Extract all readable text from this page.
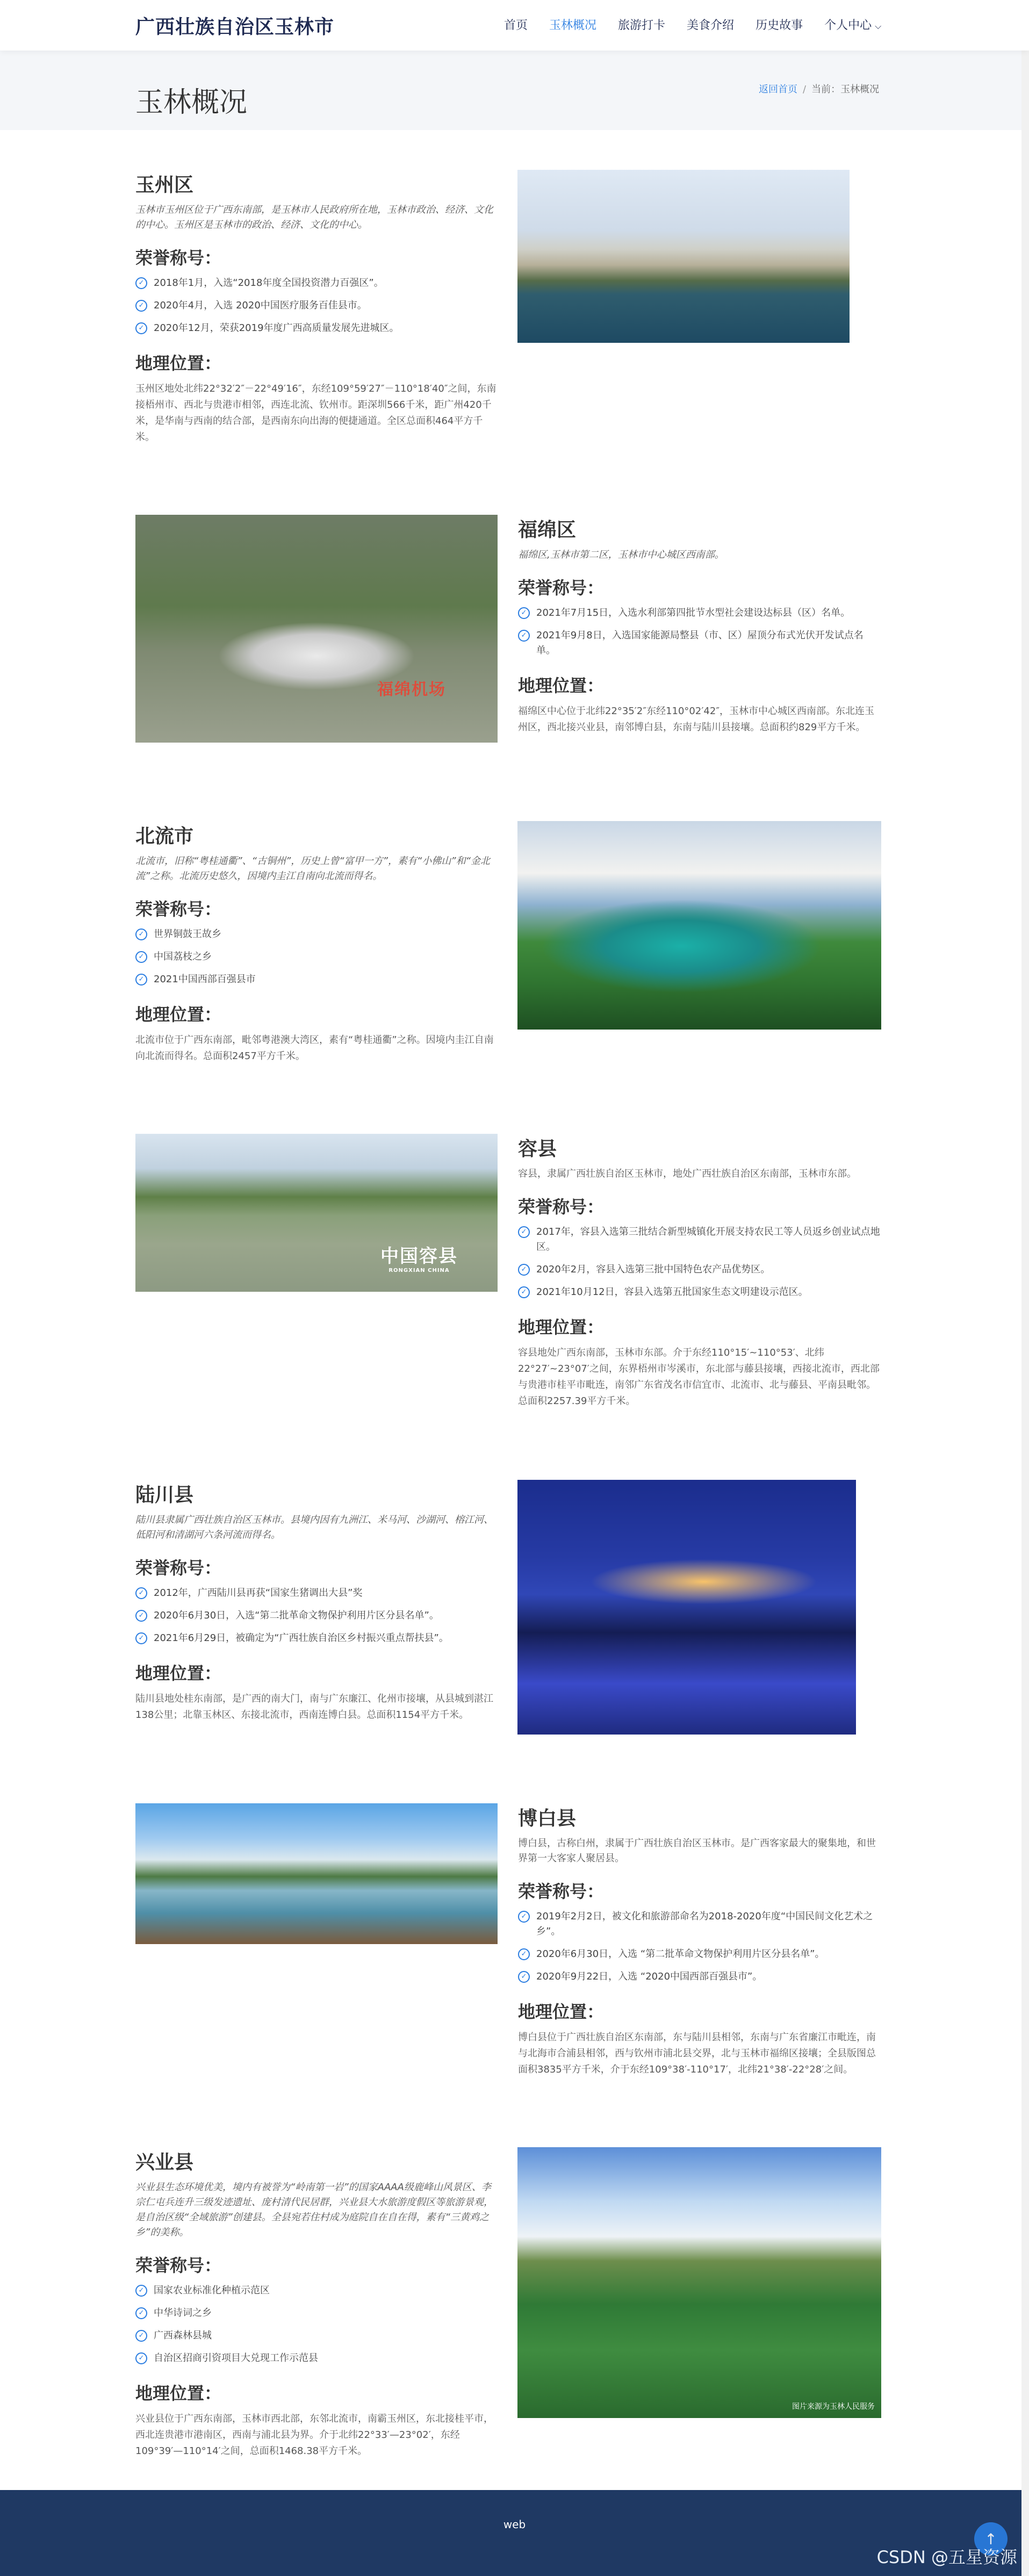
广西壮族自治区玉林市	首页 玉林概况 旅游打卡 美食介绍 历史故事 个人中心 ⌵
玉林概况	返回首页 / 当前：玉林概况
玉州区

玉林市玉州区位于广西东南部，是玉林市人民政府所在地，玉林市政治、经济、文化的中心。玉州区是玉林市的政治、经济、文化的中心。

荣誉称号：
✓ 2018年1月，入选“2018年度全国投资潜力百强区”。
✓ 2020年4月，入选 2020中国医疗服务百佳县市。
✓ 2020年12月，荣获2019年度广西高质量发展先进城区。
地理位置：

玉州区地处北纬22°32′2″－22°49′16″，东经109°59′27″－110°18′40″之间，东南接梧州市、西北与贵港市相邻，西连北流、钦州市。距深圳566千米，距广州420千米，是华南与西南的结合部，是西南东向出海的便捷通道。全区总面积464平方千米。

福绵机场
福绵区

福绵区,玉林市第二区，玉林市中心城区西南部。

荣誉称号：
✓ 2021年7月15日，入选水利部第四批节水型社会建设达标县（区）名单。
✓ 2021年9月8日，入选国家能源局整县（市、区）屋顶分布式光伏开发试点名单。
地理位置：

福绵区中心位于北纬22°35′2″东经110°02′42″，玉林市中心城区西南部。东北连玉州区，西北接兴业县，南邻博白县，东南与陆川县接壤。总面积约829平方千米。

北流市

北流市，旧称“粤桂通衢”、“古铜州”，历史上曾“富甲一方”，素有“小佛山”和“金北流”之称。北流历史悠久，因境内圭江自南向北流而得名。

荣誉称号：
✓ 世界铜鼓王故乡
✓ 中国荔枝之乡
✓ 2021中国西部百强县市
地理位置：

北流市位于广西东南部，毗邻粤港澳大湾区，素有“粤桂通衢”之称。因境内圭江自南向北流而得名。总面积2457平方千米。

中国容县
RONGXIAN CHINA
容县

容县，隶属广西壮族自治区玉林市，地处广西壮族自治区东南部，玉林市东部。

荣誉称号：
✓ 2017年，容县入选第三批结合新型城镇化开展支持农民工等人员返乡创业试点地区。
✓ 2020年2月，容县入选第三批中国特色农产品优势区。
✓ 2021年10月12日，容县入选第五批国家生态文明建设示范区。
地理位置：

容县地处广西东南部，玉林市东部。介于东经110°15′~110°53′、北纬22°27′~23°07′之间，东界梧州市岑溪市，东北部与藤县接壤，西接北流市，西北部与贵港市桂平市毗连，南邻广东省茂名市信宜市、北流市、北与藤县、平南县毗邻。总面积2257.39平方千米。

陆川县

陆川县隶属广西壮族自治区玉林市。县境内因有九洲江、米马河、沙湖河、榕江河、低阳河和清湖河六条河流而得名。

荣誉称号：
✓ 2012年，广西陆川县再获“国家生猪调出大县”奖
✓ 2020年6月30日，入选“第二批革命文物保护利用片区分县名单”。
✓ 2021年6月29日，被确定为“广西壮族自治区乡村振兴重点帮扶县”。
地理位置：

陆川县地处桂东南部，是广西的南大门，南与广东廉江、化州市接壤，从县城到湛江138公里；北靠玉林区、东接北流市，西南连博白县。总面积1154平方千米。

博白县

博白县，古称白州，隶属于广西壮族自治区玉林市。是广西客家最大的聚集地，和世界第一大客家人聚居县。

荣誉称号：
✓ 2019年2月2日，被文化和旅游部命名为2018-2020年度“中国民间文化艺术之乡”。
✓ 2020年6月30日，入选 “第二批革命文物保护利用片区分县名单”。
✓ 2020年9月22日，入选 “2020中国西部百强县市”。
地理位置：

博白县位于广西壮族自治区东南部，东与陆川县相邻，东南与广东省廉江市毗连，南与北海市合浦县相邻，西与钦州市浦北县交界，北与玉林市福绵区接壤；全县版图总面积3835平方千米，介于东经109°38′-110°17′，北纬21°38′-22°28′之间。

兴业县

兴业县生态环境优美，境内有被誉为“岭南第一岩”的国家AAAA级鹿峰山风景区、李宗仁屯兵连升三级发迹遗址、庞村清代民居群，兴业县大水旅游度假区等旅游景观，是自治区级“全域旅游”创建县。全县宛若住村成为庭院自在自在得，素有“三黄鸡之乡”的美称。

荣誉称号：
✓ 国家农业标准化种植示范区
✓ 中华诗词之乡
✓ 广西森林县城
✓ 自治区招商引资项目大兑现工作示范县
地理位置：

兴业县位于广西东南部，玉林市西北部，东邻北流市，南霸玉州区，东北接桂平市，西北连贵港市港南区，西南与浦北县为界。介于北纬22°33′—23°02′，东经109°39′—110°14′之间，总面积1468.38平方千米。

图片来源为玉林人民服务
web
↑
CSDN @五星资源
